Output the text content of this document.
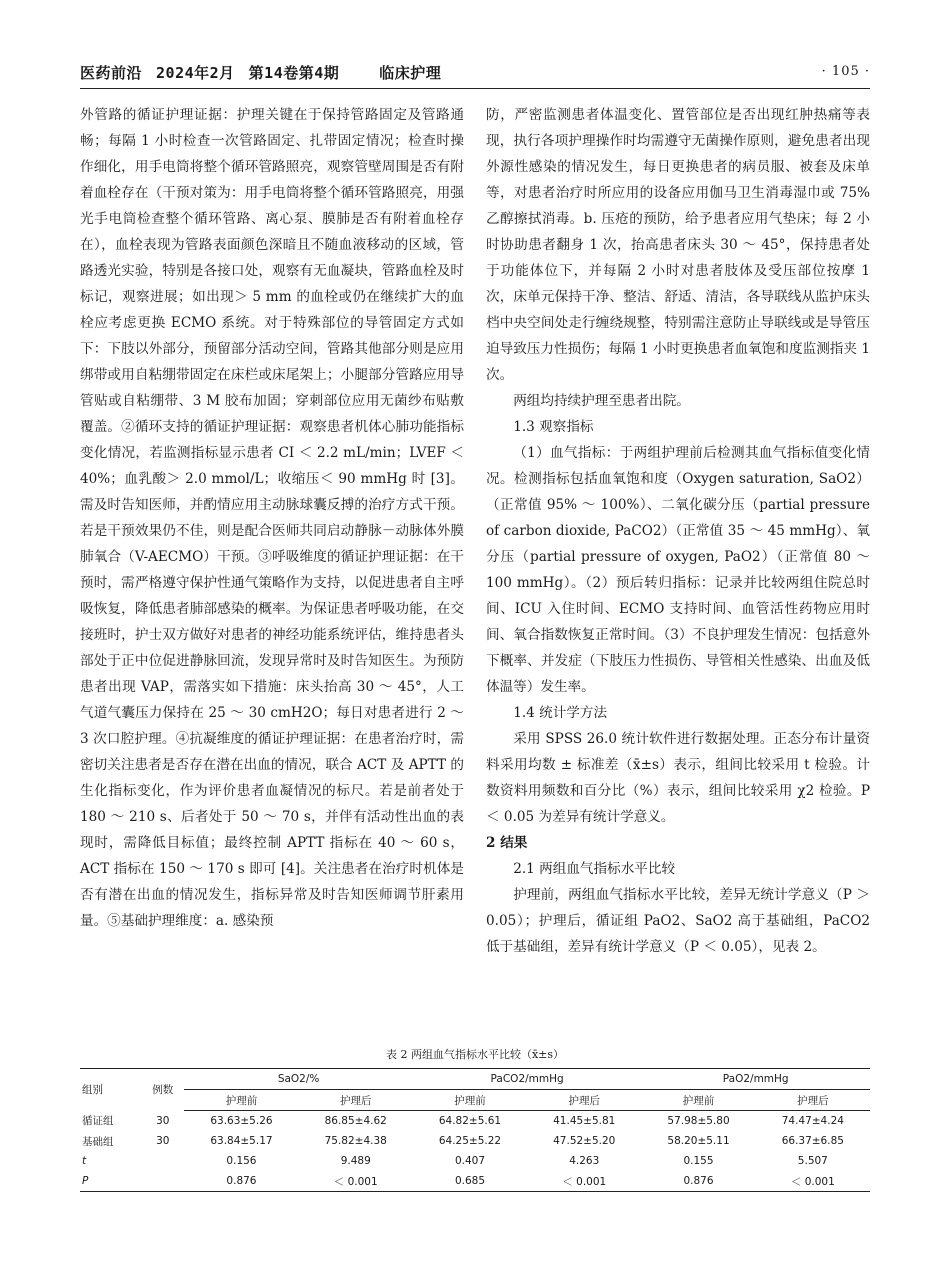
医药前沿 2024年2月 第14卷第4期	临床护理	· 105 ·

外管路的循证护理证据：护理关键在于保持管路固定及管路通畅；每隔 1 小时检查一次管路固定、扎带固定情况；检查时操作细化，用手电筒将整个循环管路照亮，观察管壁周围是否有附着血栓存在（干预对策为：用手电筒将整个循环管路照亮，用强光手电筒检查整个循环管路、离心泵、膜肺是否有附着血栓存在），血栓表现为管路表面颜色深暗且不随血液移动的区域，管路透光实验，特别是各接口处，观察有无血凝块，管路血栓及时标记，观察进展；如出现＞ 5 mm 的血栓或仍在继续扩大的血栓应考虑更换 ECMO 系统。对于特殊部位的导管固定方式如下：下肢以外部分，预留部分活动空间，管路其他部分则是应用绑带或用自粘绷带固定在床栏或床尾架上；小腿部分管路应用导管贴或自粘绷带、3 M 胶布加固；穿刺部位应用无菌纱布贴敷覆盖。②循环支持的循证护理证据：观察患者机体心肺功能指标变化情况，若监测指标显示患者 CI ＜ 2.2 mL/min；LVEF ＜ 40%；血乳酸＞ 2.0 mmol/L；收缩压＜ 90 mmHg 时 [3]。需及时告知医师，并酌情应用主动脉球囊反搏的治疗方式干预。若是干预效果仍不佳，则是配合医师共同启动静脉－动脉体外膜肺氧合（V-AECMO）干预。③呼吸维度的循证护理证据：在干预时，需严格遵守保护性通气策略作为支持，以促进患者自主呼吸恢复，降低患者肺部感染的概率。为保证患者呼吸功能，在交接班时，护士双方做好对患者的神经功能系统评估，维持患者头部处于正中位促进静脉回流，发现异常时及时告知医生。为预防患者出现 VAP，需落实如下措施：床头抬高 30 ～ 45°，人工气道气囊压力保持在 25 ～ 30 cmH2O；每日对患者进行 2 ～ 3 次口腔护理。④抗凝维度的循证护理证据：在患者治疗时，需密切关注患者是否存在潜在出血的情况，联合 ACT 及 APTT 的生化指标变化，作为评价患者血凝情况的标尺。若是前者处于 180 ～ 210 s、后者处于 50 ～ 70 s，并伴有活动性出血的表现时，需降低目标值；最终控制 APTT 指标在 40 ～ 60 s，ACT 指标在 150 ～ 170 s 即可 [4]。关注患者在治疗时机体是否有潜在出血的情况发生，指标异常及时告知医师调节肝素用量。⑤基础护理维度：a. 感染预

防，严密监测患者体温变化、置管部位是否出现红肿热痛等表现，执行各项护理操作时均需遵守无菌操作原则，避免患者出现外源性感染的情况发生，每日更换患者的病员服、被套及床单等，对患者治疗时所应用的设备应用伽马卫生消毒湿巾或 75% 乙醇擦拭消毒。b. 压疮的预防，给予患者应用气垫床；每 2 小时协助患者翻身 1 次，抬高患者床头 30 ～ 45°，保持患者处于功能体位下，并每隔 2 小时对患者肢体及受压部位按摩 1 次，床单元保持干净、整洁、舒适、清洁，各导联线从监护床头档中央空间处走行缠绕规整，特别需注意防止导联线或是导管压迫导致压力性损伤；每隔 1 小时更换患者血氧饱和度监测指夹 1 次。

两组均持续护理至患者出院。

1.3 观察指标

（1）血气指标：于两组护理前后检测其血气指标值变化情况。检测指标包括血氧饱和度（Oxygen saturation, SaO2）（正常值 95% ～ 100%）、二氧化碳分压（partial pressure of carbon dioxide, PaCO2）（正常值 35 ～ 45 mmHg）、氧分压（partial pressure of oxygen, PaO2）（正常值 80 ～ 100 mmHg）。（2）预后转归指标：记录并比较两组住院总时间、ICU 入住时间、ECMO 支持时间、血管活性药物应用时间、氧合指数恢复正常时间。（3）不良护理发生情况：包括意外下概率、并发症（下肢压力性损伤、导管相关性感染、出血及低体温等）发生率。

1.4 统计学方法

采用 SPSS 26.0 统计软件进行数据处理。正态分布计量资料采用均数 ± 标准差（x̄±s）表示，组间比较采用 t 检验。计数资料用频数和百分比（%）表示，组间比较采用 χ2 检验。P ＜ 0.05 为差异有统计学意义。

2 结果

2.1 两组血气指标水平比较

护理前，两组血气指标水平比较，差异无统计学意义（P ＞ 0.05）；护理后，循证组 PaO2、SaO2 高于基础组，PaCO2 低于基础组，差异有统计学意义（P ＜ 0.05），见表 2。

表 2 两组血气指标水平比较（x̄±s）
组别	例数	SaO2/%		PaCO2/mmHg		PaO2/mmHg	
		护理前	护理后	护理前	护理后	护理前	护理后
循证组	30	63.63±5.26	86.85±4.62	64.82±5.61	41.45±5.81	57.98±5.80	74.47±4.24
基础组	30	63.84±5.17	75.82±4.38	64.25±5.22	47.52±5.20	58.20±5.11	66.37±6.85
t		0.156	9.489	0.407	4.263	0.155	5.507
P		0.876	＜ 0.001	0.685	＜ 0.001	0.876	＜ 0.001
